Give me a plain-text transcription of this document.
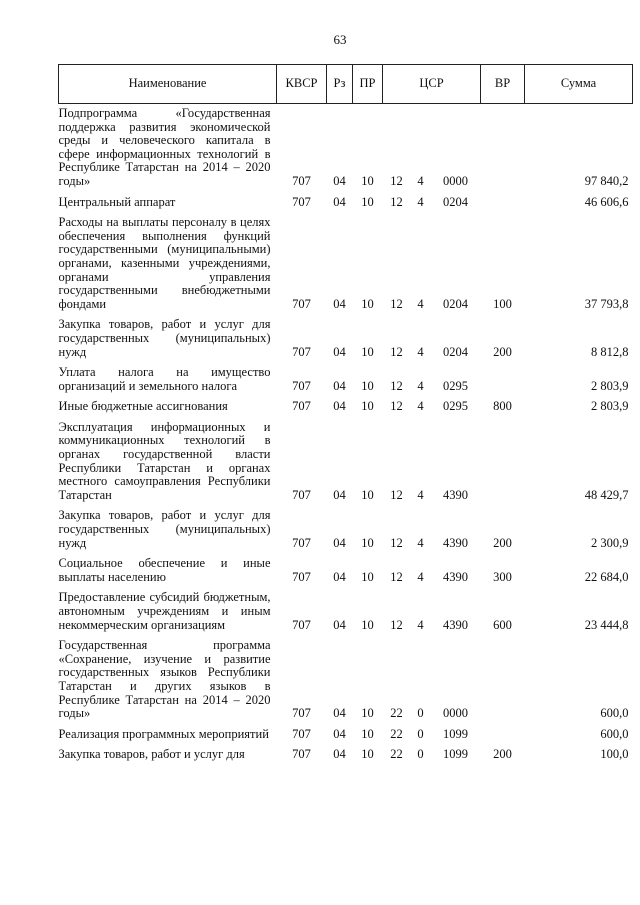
63
Наименование	КВСР	Рз	ПР	ЦСР			ВР	Сумма
Подпрограмма «Государственная поддержка развития экономической среды и человеческого капитала в сфере информационных технологий в Республике Татарстан на 2014 – 2020 годы»	707	04	10	12	4	0000		97 840,2
Центральный аппарат	707	04	10	12	4	0204		46 606,6
Расходы на выплаты персоналу в целях обеспечения выполнения функций государственными (муниципальными) органами, казенными учреждениями, органами управления государственными внебюджетными фондами	707	04	10	12	4	0204	100	37 793,8
Закупка товаров, работ и услуг для государственных (муниципальных) нужд	707	04	10	12	4	0204	200	8 812,8
Уплата налога на имущество организаций и земельного налога	707	04	10	12	4	0295		2 803,9
Иные бюджетные ассигнования	707	04	10	12	4	0295	800	2 803,9
Эксплуатация информационных и коммуникационных технологий в органах государственной власти Республики Татарстан и органах местного самоуправления Республики Татарстан	707	04	10	12	4	4390		48 429,7
Закупка товаров, работ и услуг для государственных (муниципальных) нужд	707	04	10	12	4	4390	200	2 300,9
Социальное обеспечение и иные выплаты населению	707	04	10	12	4	4390	300	22 684,0
Предоставление субсидий бюджетным, автономным учреждениям и иным некоммерческим организациям	707	04	10	12	4	4390	600	23 444,8
Государственная программа «Сохранение, изучение и развитие государственных языков Республики Татарстан и других языков в Республике Татарстан на 2014 – 2020 годы»	707	04	10	22	0	0000		600,0
Реализация программных мероприятий	707	04	10	22	0	1099		600,0
Закупка товаров, работ и услуг для	707	04	10	22	0	1099	200	100,0
